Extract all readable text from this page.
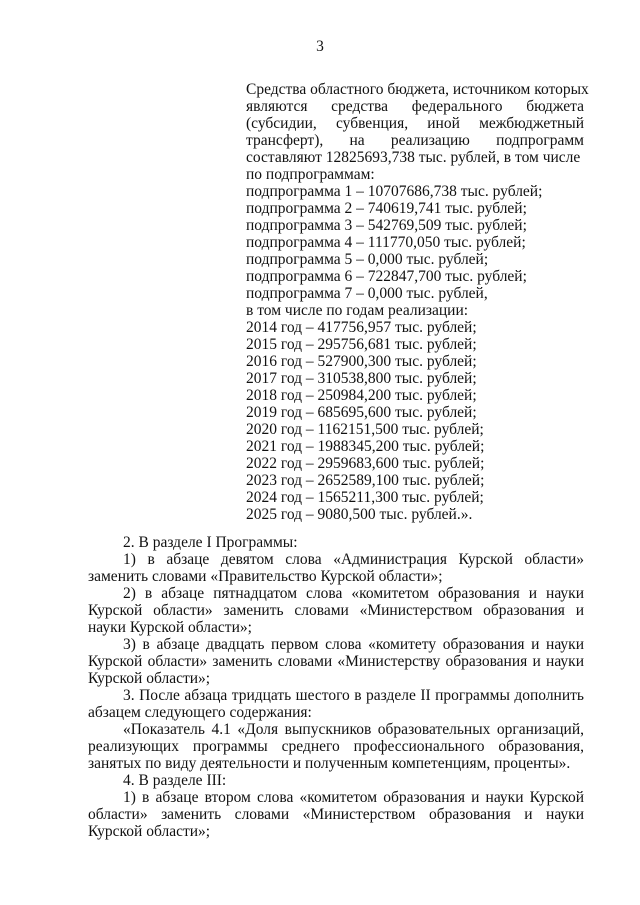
3
Средства областного бюджета, источником которых
являются средства федерального бюджета
(субсидии, субвенция, иной межбюджетный
трансферт), на реализацию подпрограмм
составляют 12825693,738 тыс. рублей, в том числе
по подпрограммам:
подпрограмма 1 – 10707686,738 тыс. рублей;
подпрограмма 2 – 740619,741 тыс. рублей;
подпрограмма 3 – 542769,509 тыс. рублей;
подпрограмма 4 – 111770,050 тыс. рублей;
подпрограмма 5 – 0,000 тыс. рублей;
подпрограмма 6 – 722847,700 тыс. рублей;
подпрограмма 7 – 0,000 тыс. рублей,
в том числе по годам реализации:
2014 год – 417756,957 тыс. рублей;
2015 год – 295756,681 тыс. рублей;
2016 год – 527900,300 тыс. рублей;
2017 год – 310538,800 тыс. рублей;
2018 год – 250984,200 тыс. рублей;
2019 год – 685695,600 тыс. рублей;
2020 год – 1162151,500 тыс. рублей;
2021 год – 1988345,200 тыс. рублей;
2022 год – 2959683,600 тыс. рублей;
2023 год – 2652589,100 тыс. рублей;
2024 год – 1565211,300 тыс. рублей;
2025 год – 9080,500 тыс. рублей.».
2. В разделе I Программы:
1) в абзаце девятом слова «Администрация Курской области» заменить словами «Правительство Курской области»;
2) в абзаце пятнадцатом слова «комитетом образования и науки Курской области» заменить словами «Министерством образования и науки Курской области»;
3) в абзаце двадцать первом слова «комитету образования и науки Курской области» заменить словами «Министерству образования и науки Курской области»;
3. После абзаца тридцать шестого в разделе II программы дополнить абзацем следующего содержания:
«Показатель 4.1 «Доля выпускников образовательных организаций, реализующих программы среднего профессионального образования, занятых по виду деятельности и полученным компетенциям, проценты».
4. В разделе III:
1) в абзаце втором слова «комитетом образования и науки Курской области» заменить словами «Министерством образования и науки Курской области»;
